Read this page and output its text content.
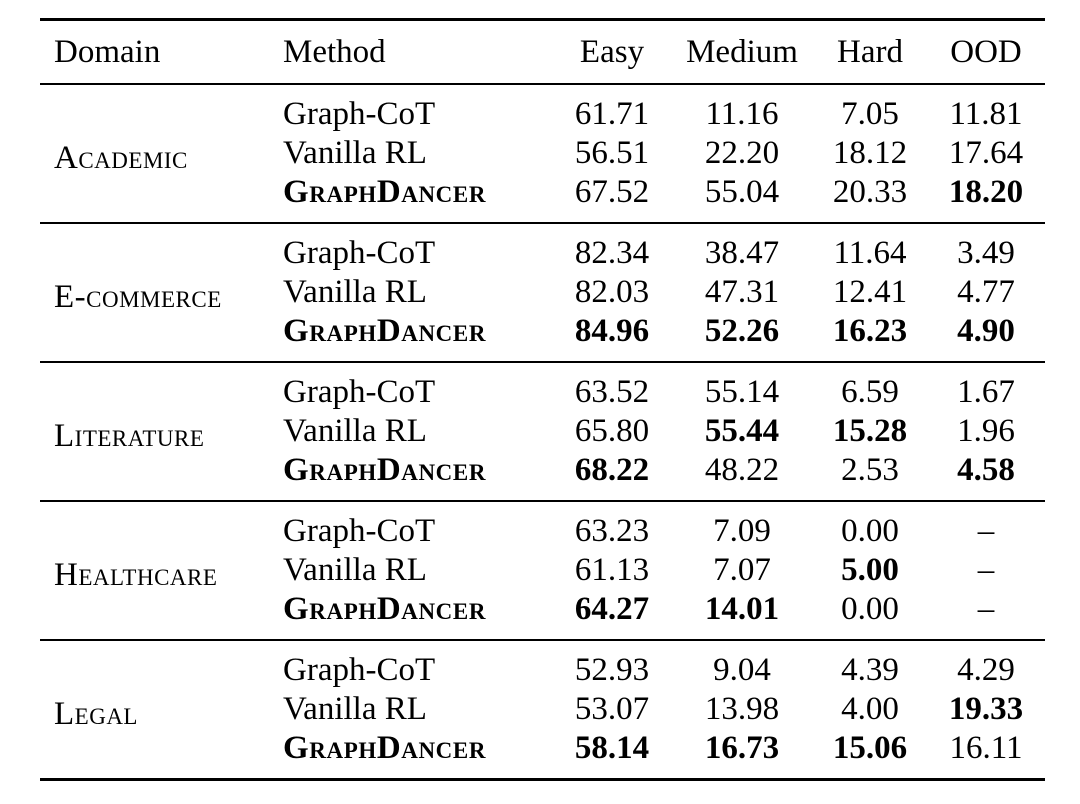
Domain	Method	Easy	Medium	Hard	OOD
Academic	Graph-CoT	61.71	11.16	7.05	11.81
	Vanilla RL	56.51	22.20	18.12	17.64
	GraphDancer	67.52	55.04	20.33	18.20
E-commerce	Graph-CoT	82.34	38.47	11.64	3.49
	Vanilla RL	82.03	47.31	12.41	4.77
	GraphDancer	84.96	52.26	16.23	4.90
Literature	Graph-CoT	63.52	55.14	6.59	1.67
	Vanilla RL	65.80	55.44	15.28	1.96
	GraphDancer	68.22	48.22	2.53	4.58
Healthcare	Graph-CoT	63.23	7.09	0.00	–
	Vanilla RL	61.13	7.07	5.00	–
	GraphDancer	64.27	14.01	0.00	–
Legal	Graph-CoT	52.93	9.04	4.39	4.29
	Vanilla RL	53.07	13.98	4.00	19.33
	GraphDancer	58.14	16.73	15.06	16.11
